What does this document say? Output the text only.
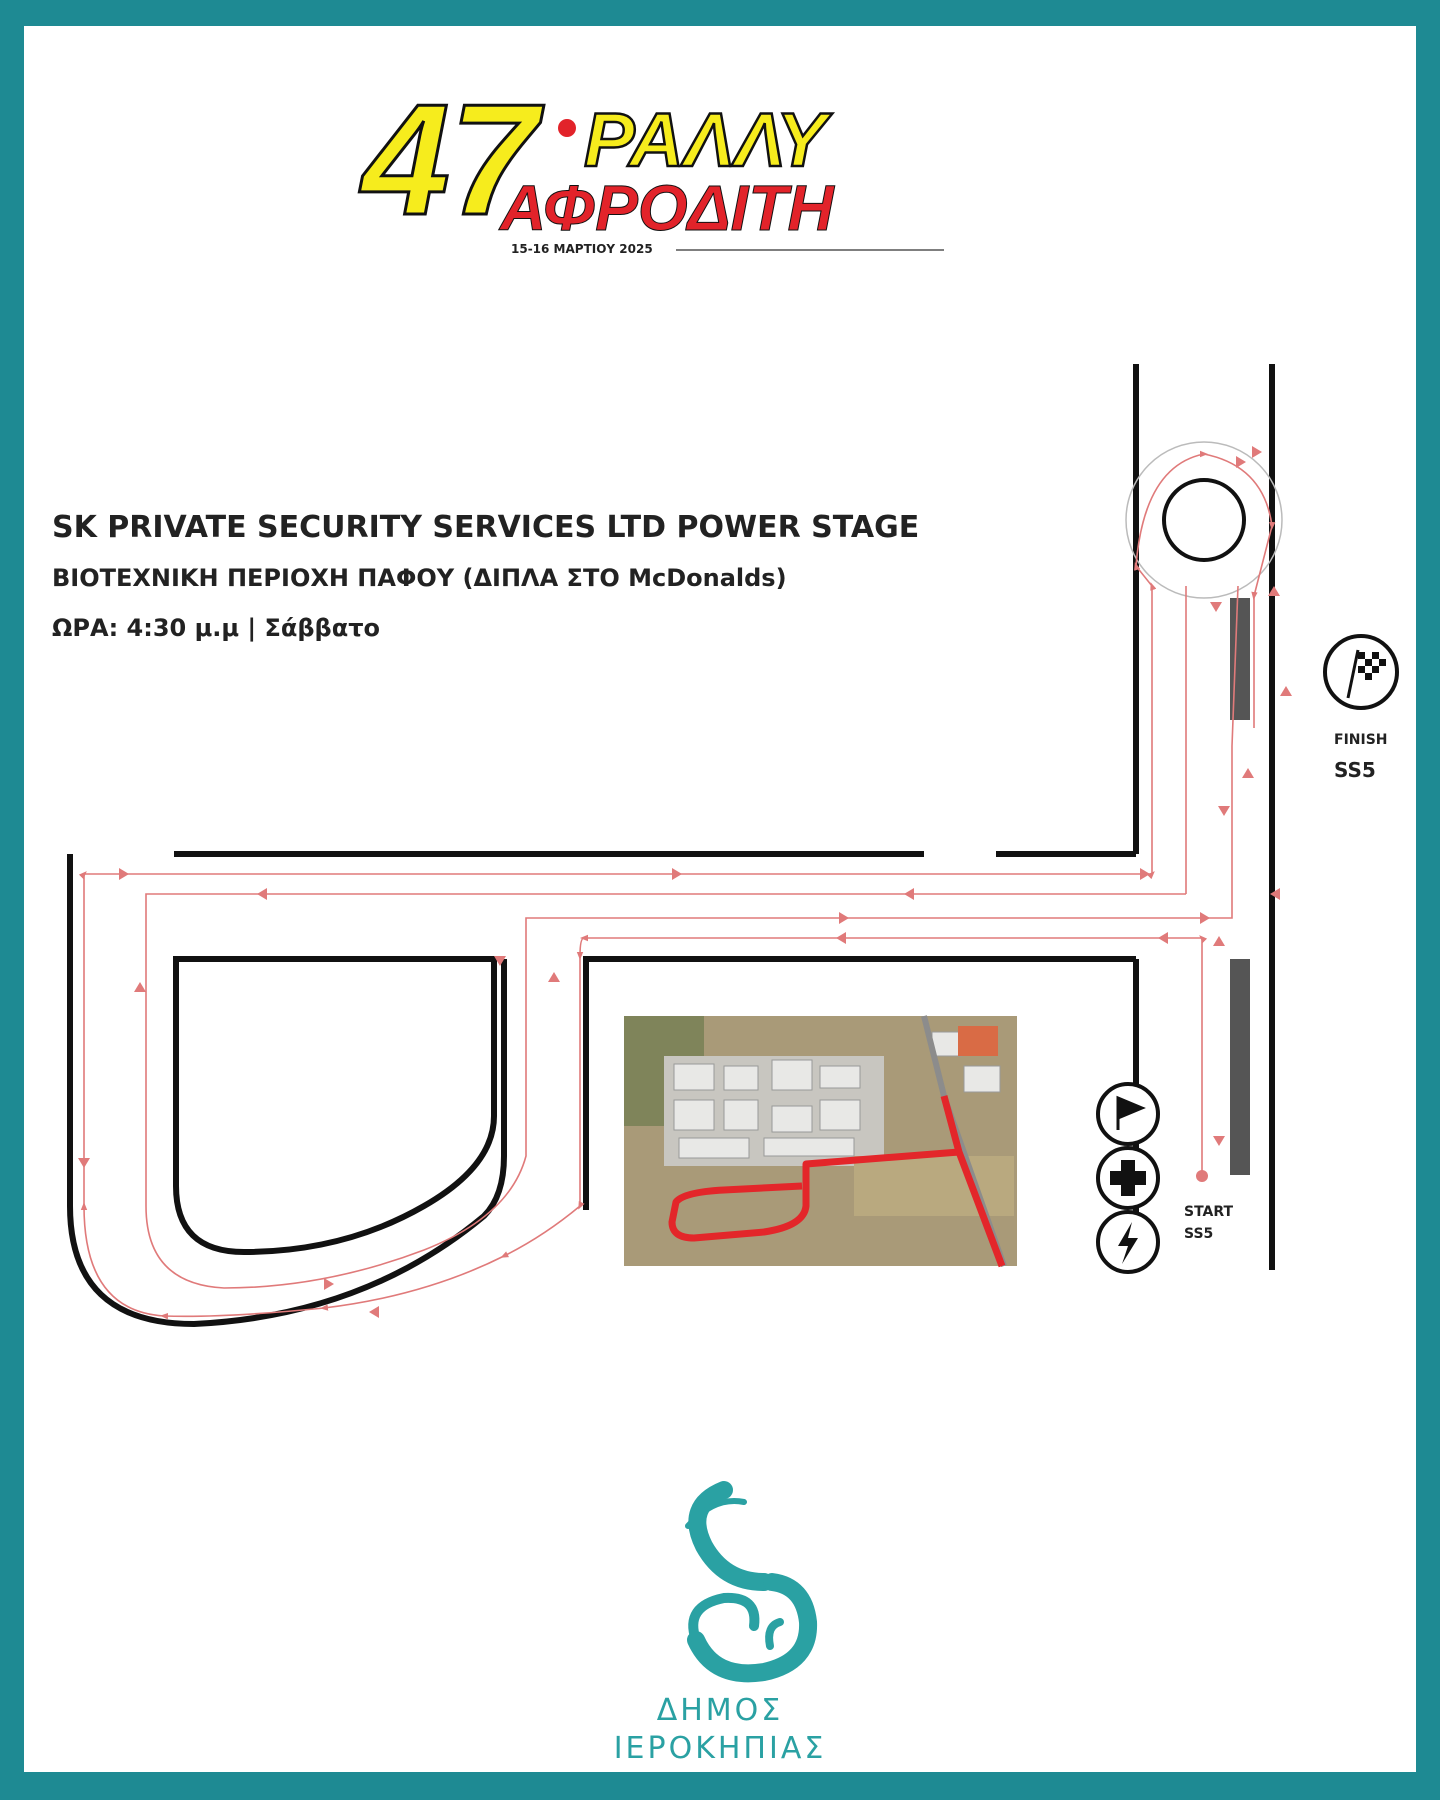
47 ΡΑΛΛΥ
ΑΦΡΟΔΙΤΗ
15-16 ΜΑΡΤΙΟΥ 2025
SK PRIVATE SECURITY SERVICES LTD POWER STAGE
ΒΙΟΤΕΧΝΙΚΗ ΠΕΡΙΟΧΗ ΠΑΦΟΥ (ΔΙΠΛΑ ΣΤΟ McDonalds)
ΩΡΑ: 4:30 μ.μ | Σάββατο
FINISH
SS5
START
SS5
ΔΗΜΟΣ
ΙΕΡΟΚΗΠΙΑΣ
